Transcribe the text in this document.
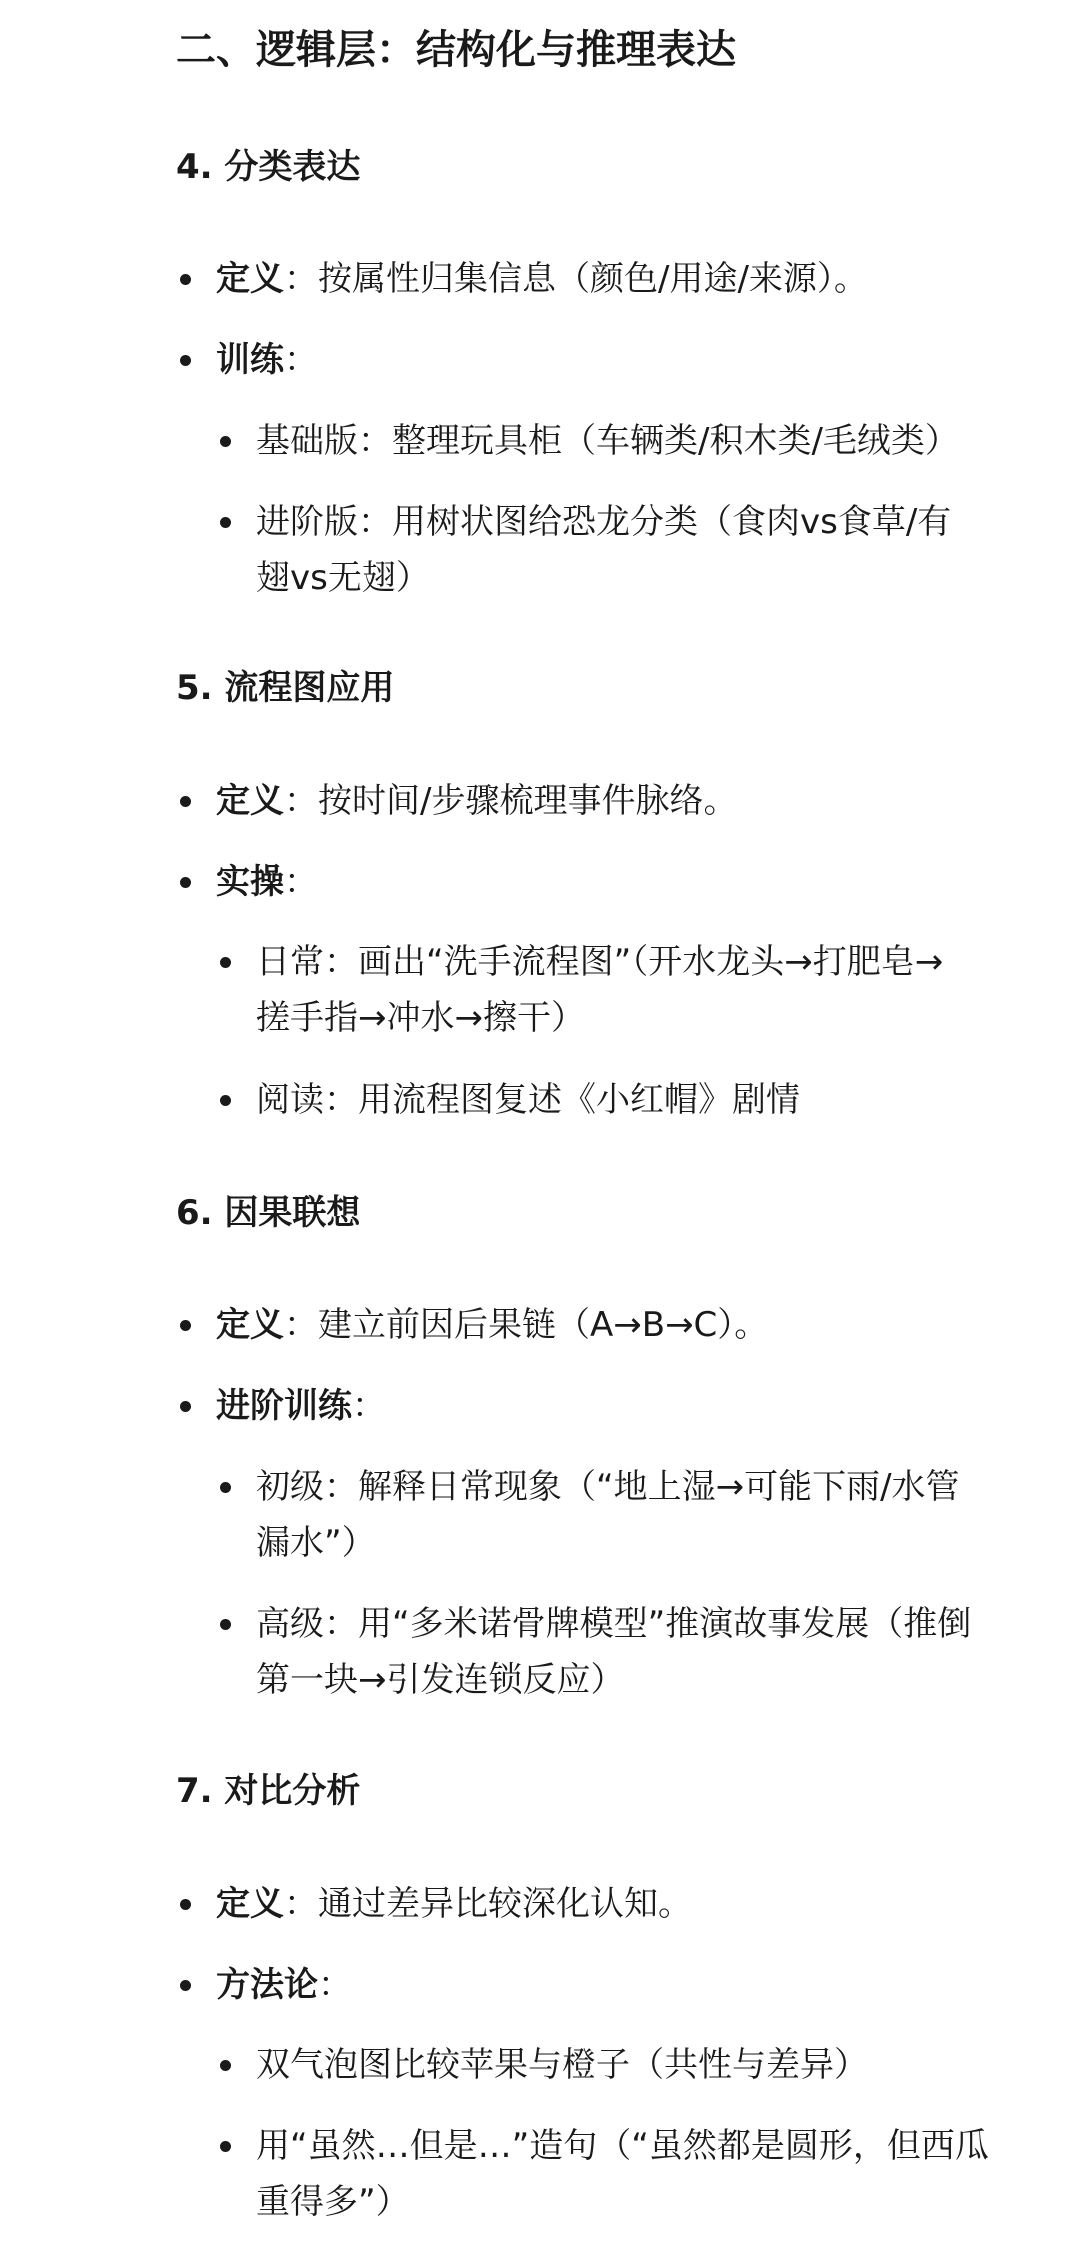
二、逻辑层：结构化与推理表达
4. 分类表达

定义：按属性归集信息（颜色/用途/来源）。

训练：

基础版：整理玩具柜（车辆类/积木类/毛绒类）

进阶版：用树状图给恐龙分类（食肉vs食草/有
翅vs无翅）

5. 流程图应用

定义：按时间/步骤梳理事件脉络。

实操：

日常：画出“洗手流程图”（开水龙头→打肥皂→
搓手指→冲水→擦干）

阅读：用流程图复述《小红帽》剧情

6. 因果联想

定义：建立前因后果链（A→B→C）。

进阶训练：

初级：解释日常现象（“地上湿→可能下雨/水管
漏水”）

高级：用“多米诺骨牌模型”推演故事发展（推倒
第一块→引发连锁反应）

7. 对比分析

定义：通过差异比较深化认知。

方法论：

双气泡图比较苹果与橙子（共性与差异）

用“虽然…但是…”造句（“虽然都是圆形，但西瓜
重得多”）
